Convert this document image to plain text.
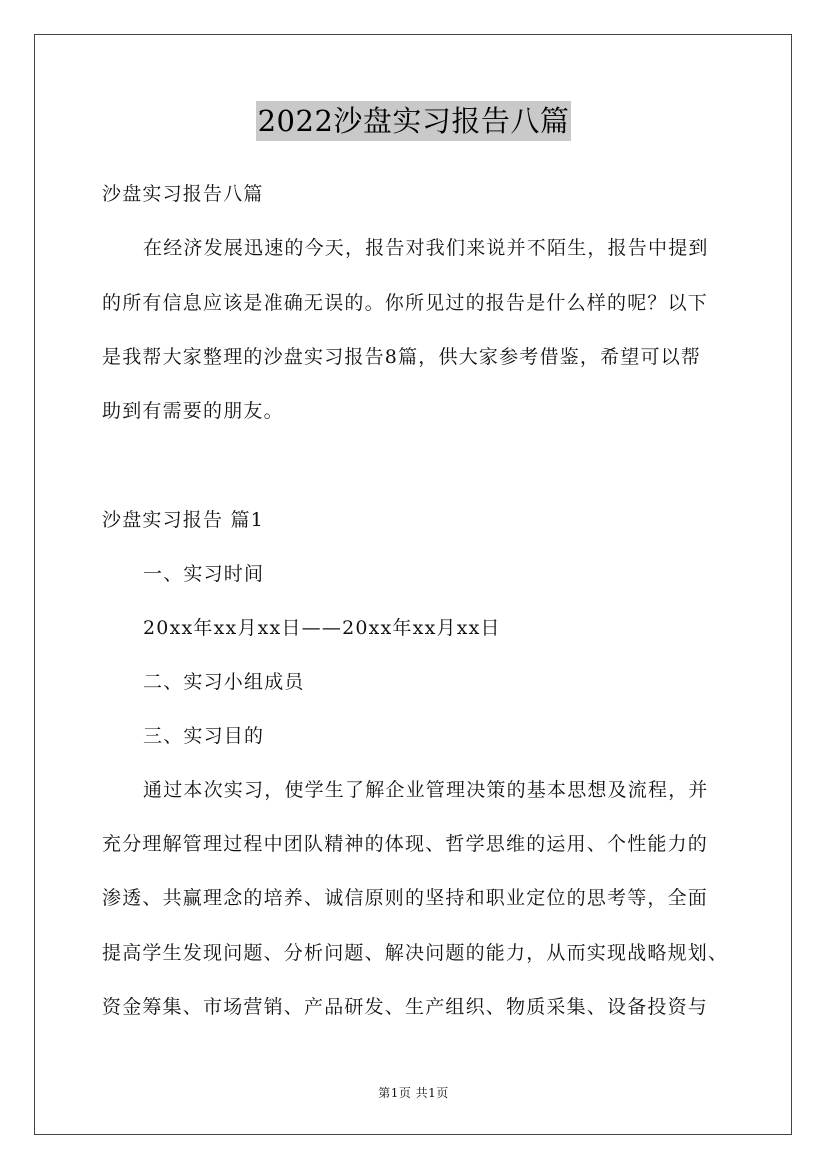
2022沙盘实习报告八篇
沙盘实习报告八篇
在经济发展迅速的今天，报告对我们来说并不陌生，报告中提到
的所有信息应该是准确无误的。你所见过的报告是什么样的呢？以下
是我帮大家整理的沙盘实习报告8篇，供大家参考借鉴，希望可以帮
助到有需要的朋友。
沙盘实习报告 篇1
一、实习时间
20xx年xx月xx日——20xx年xx月xx日
二、实习小组成员
三、实习目的
通过本次实习，使学生了解企业管理决策的基本思想及流程，并
充分理解管理过程中团队精神的体现、哲学思维的运用、个性能力的
渗透、共赢理念的培养、诚信原则的坚持和职业定位的思考等，全面
提高学生发现问题、分析问题、解决问题的能力，从而实现战略规划、
资金筹集、市场营销、产品研发、生产组织、物质采集、设备投资与
第1页 共1页
